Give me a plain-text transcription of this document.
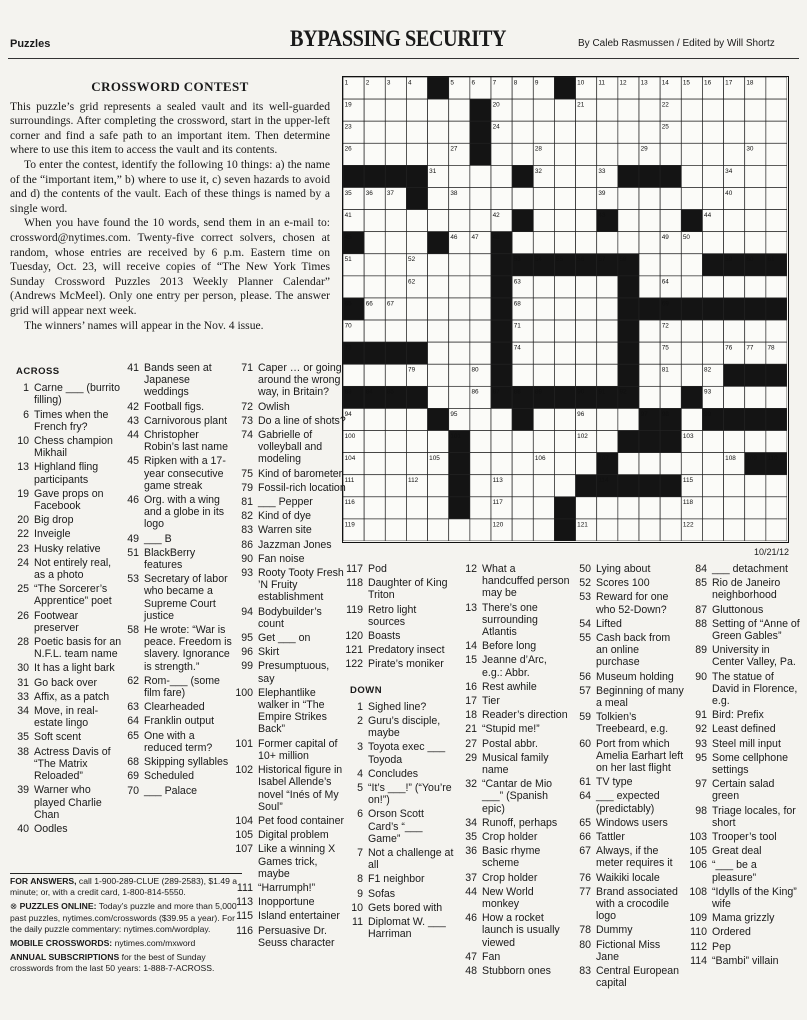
Puzzles	BYPASSING SECURITY	By Caleb Rasmussen / Edited by Will Shortz
CROSSWORD CONTEST

This puzzle’s grid represents a sealed vault and its well-guarded surroundings. After completing the crossword, start in the upper-left corner and find a safe path to an important item. Then determine where to use this item to access the vault and its contents.

To enter the contest, identify the following 10 things: a) the name of the “important item,” b) where to use it, c) seven hazards to avoid and d) the contents of the vault. Each of these things is named by a single word.

When you have found the 10 words, send them in an e-mail to: crossword@nytimes.com. Twenty-five correct solvers, chosen at random, whose entries are received by 6 p.m. Eastern time on Tuesday, Oct. 23, will receive copies of “The New York Times Sunday Crossword Puzzles 2013 Weekly Planner Calendar” (Andrews McMeel). Only one entry per person, please. The answer grid will appear next week.

The winners’ names will appear in the Nov. 4 issue.

1	2	3	4	5	6	7	8	9	10 11 12 13 14 15 16 17 18
19	20	21	22
23	24	25
26	27	28	29	30
31	32	33	34
35 36 37	38	39	40
41	42	43	44
45	46 47 48	49 50
51	52	53 54 55 56 57 58	59 60 61
62	63	64
65 66 67	68	69
70	71	72
73	74	75	76 77 78
79	80	81	82
83 84 85	86 87 88 89	90 91 92	93
94	95	96	97 98	99
100	101	102	103
104	105	106	107	108 109 110
111	112	113	114	115
116	117	118
119	120	121	122
10/21/12
ACROSS
1 Carne ___ (burrito filling)
6 Times when the French fry?
10 Chess champion Mikhail
13 Highland fling participants
19 Gave props on Facebook
20 Big drop
22 Inveigle
23 Husky relative
24 Not entirely real, as a photo
25 “The Sorcerer’s Apprentice” poet
26 Footwear preserver
28 Poetic basis for an N.F.L. team name
30 It has a light bark
31 Go back over
33 Affix, as a patch
34 Move, in real-estate lingo
35 Soft scent
38 Actress Davis of “The Matrix Reloaded”
39 Warner who played Charlie Chan
40 Oodles
41 Bands seen at Japanese weddings
42 Football figs.
43 Carnivorous plant
44 Christopher Robin’s last name
45 Ripken with a 17-year consecutive game streak
46 Org. with a wing and a globe in its logo
49 ___ B
51 BlackBerry features
53 Secretary of labor who became a Supreme Court justice
58 He wrote: “War is peace. Freedom is slavery. Ignorance is strength.”
62 Rom-___ (some film fare)
63 Clearheaded
64 Franklin output
65 One with a reduced term?
68 Skipping syllables
69 Scheduled
70 ___ Palace
71 Caper … or going around the wrong way, in Britain?
72 Owlish
73 Do a line of shots?
74 Gabrielle of volleyball and modeling
75 Kind of barometer
79 Fossil-rich location
81 ___ Pepper
82 Kind of dye
83 Warren site
86 Jazzman Jones
90 Fan noise
93 Rooty Tooty Fresh ’N Fruity establishment
94 Bodybuilder’s count
95 Get ___ on
96 Skirt
99 Presumptuous, say
100 Elephantlike walker in “The Empire Strikes Back”
101 Former capital of 10+ million
102 Historical figure in Isabel Allende’s novel “Inés of My Soul”
104 Pet food container
105 Digital problem
107 Like a winning X Games trick, maybe
111 “Harrumph!”
113 Inopportune
115 Island entertainer
116 Persuasive Dr. Seuss character
117 Pod
118 Daughter of King Triton
119 Retro light sources
120 Boasts
121 Predatory insect
122 Pirate’s moniker
DOWN
1 Sighed line?
2 Guru’s disciple, maybe
3 Toyota exec ___ Toyoda
4 Concludes
5 “It’s ___!” (“You’re on!”)
6 Orson Scott Card’s “___ Game”
7 Not a challenge at all
8 F1 neighbor
9 Sofas
10 Gets bored with
11 Diplomat W. ___ Harriman
12 What a handcuffed person may be
13 There’s one surrounding Atlantis
14 Before long
15 Jeanne d’Arc, e.g.: Abbr.
16 Rest awhile
17 Tier
18 Reader’s direction
21 “Stupid me!”
27 Postal abbr.
29 Musical family name
32 “Cantar de Mio ___” (Spanish epic)
34 Runoff, perhaps
35 Crop holder
36 Basic rhyme scheme
37 Crop holder
44 New World monkey
46 How a rocket launch is usually viewed
47 Fan
48 Stubborn ones
50 Lying about
52 Scores 100
53 Reward for one who 52-Down?
54 Lifted
55 Cash back from an online purchase
56 Museum holding
57 Beginning of many a meal
59 Tolkien’s Treebeard, e.g.
60 Port from which Amelia Earhart left on her last flight
61 TV type
64 ___ expected (predictably)
65 Windows users
66 Tattler
67 Always, if the meter requires it
76 Waikiki locale
77 Brand associated with a crocodile logo
78 Dummy
80 Fictional Miss Jane
83 Central European capital
84 ___ detachment
85 Rio de Janeiro neighborhood
87 Gluttonous
88 Setting of “Anne of Green Gables”
89 University in Center Valley, Pa.
90 The statue of David in Florence, e.g.
91 Bird: Prefix
92 Least defined
93 Steel mill input
95 Some cellphone settings
97 Certain salad green
98 Triage locales, for short
103 Trooper’s tool
105 Great deal
106 “___ be a pleasure”
108 “Idylls of the King” wife
109 Mama grizzly
110 Ordered
112 Pep
114 “Bambi” villain
FOR ANSWERS, call 1-900-289-CLUE (289-2583), $1.49 a minute; or, with a credit card, 1-800-814-5550.
⊗ PUZZLES ONLINE: Today’s puzzle and more than 5,000 past puzzles, nytimes.com/crosswords ($39.95 a year). For the daily puzzle commentary: nytimes.com/wordplay.
MOBILE CROSSWORDS: nytimes.com/mxword
ANNUAL SUBSCRIPTIONS for the best of Sunday crosswords from the last 50 years: 1-888-7-ACROSS.
